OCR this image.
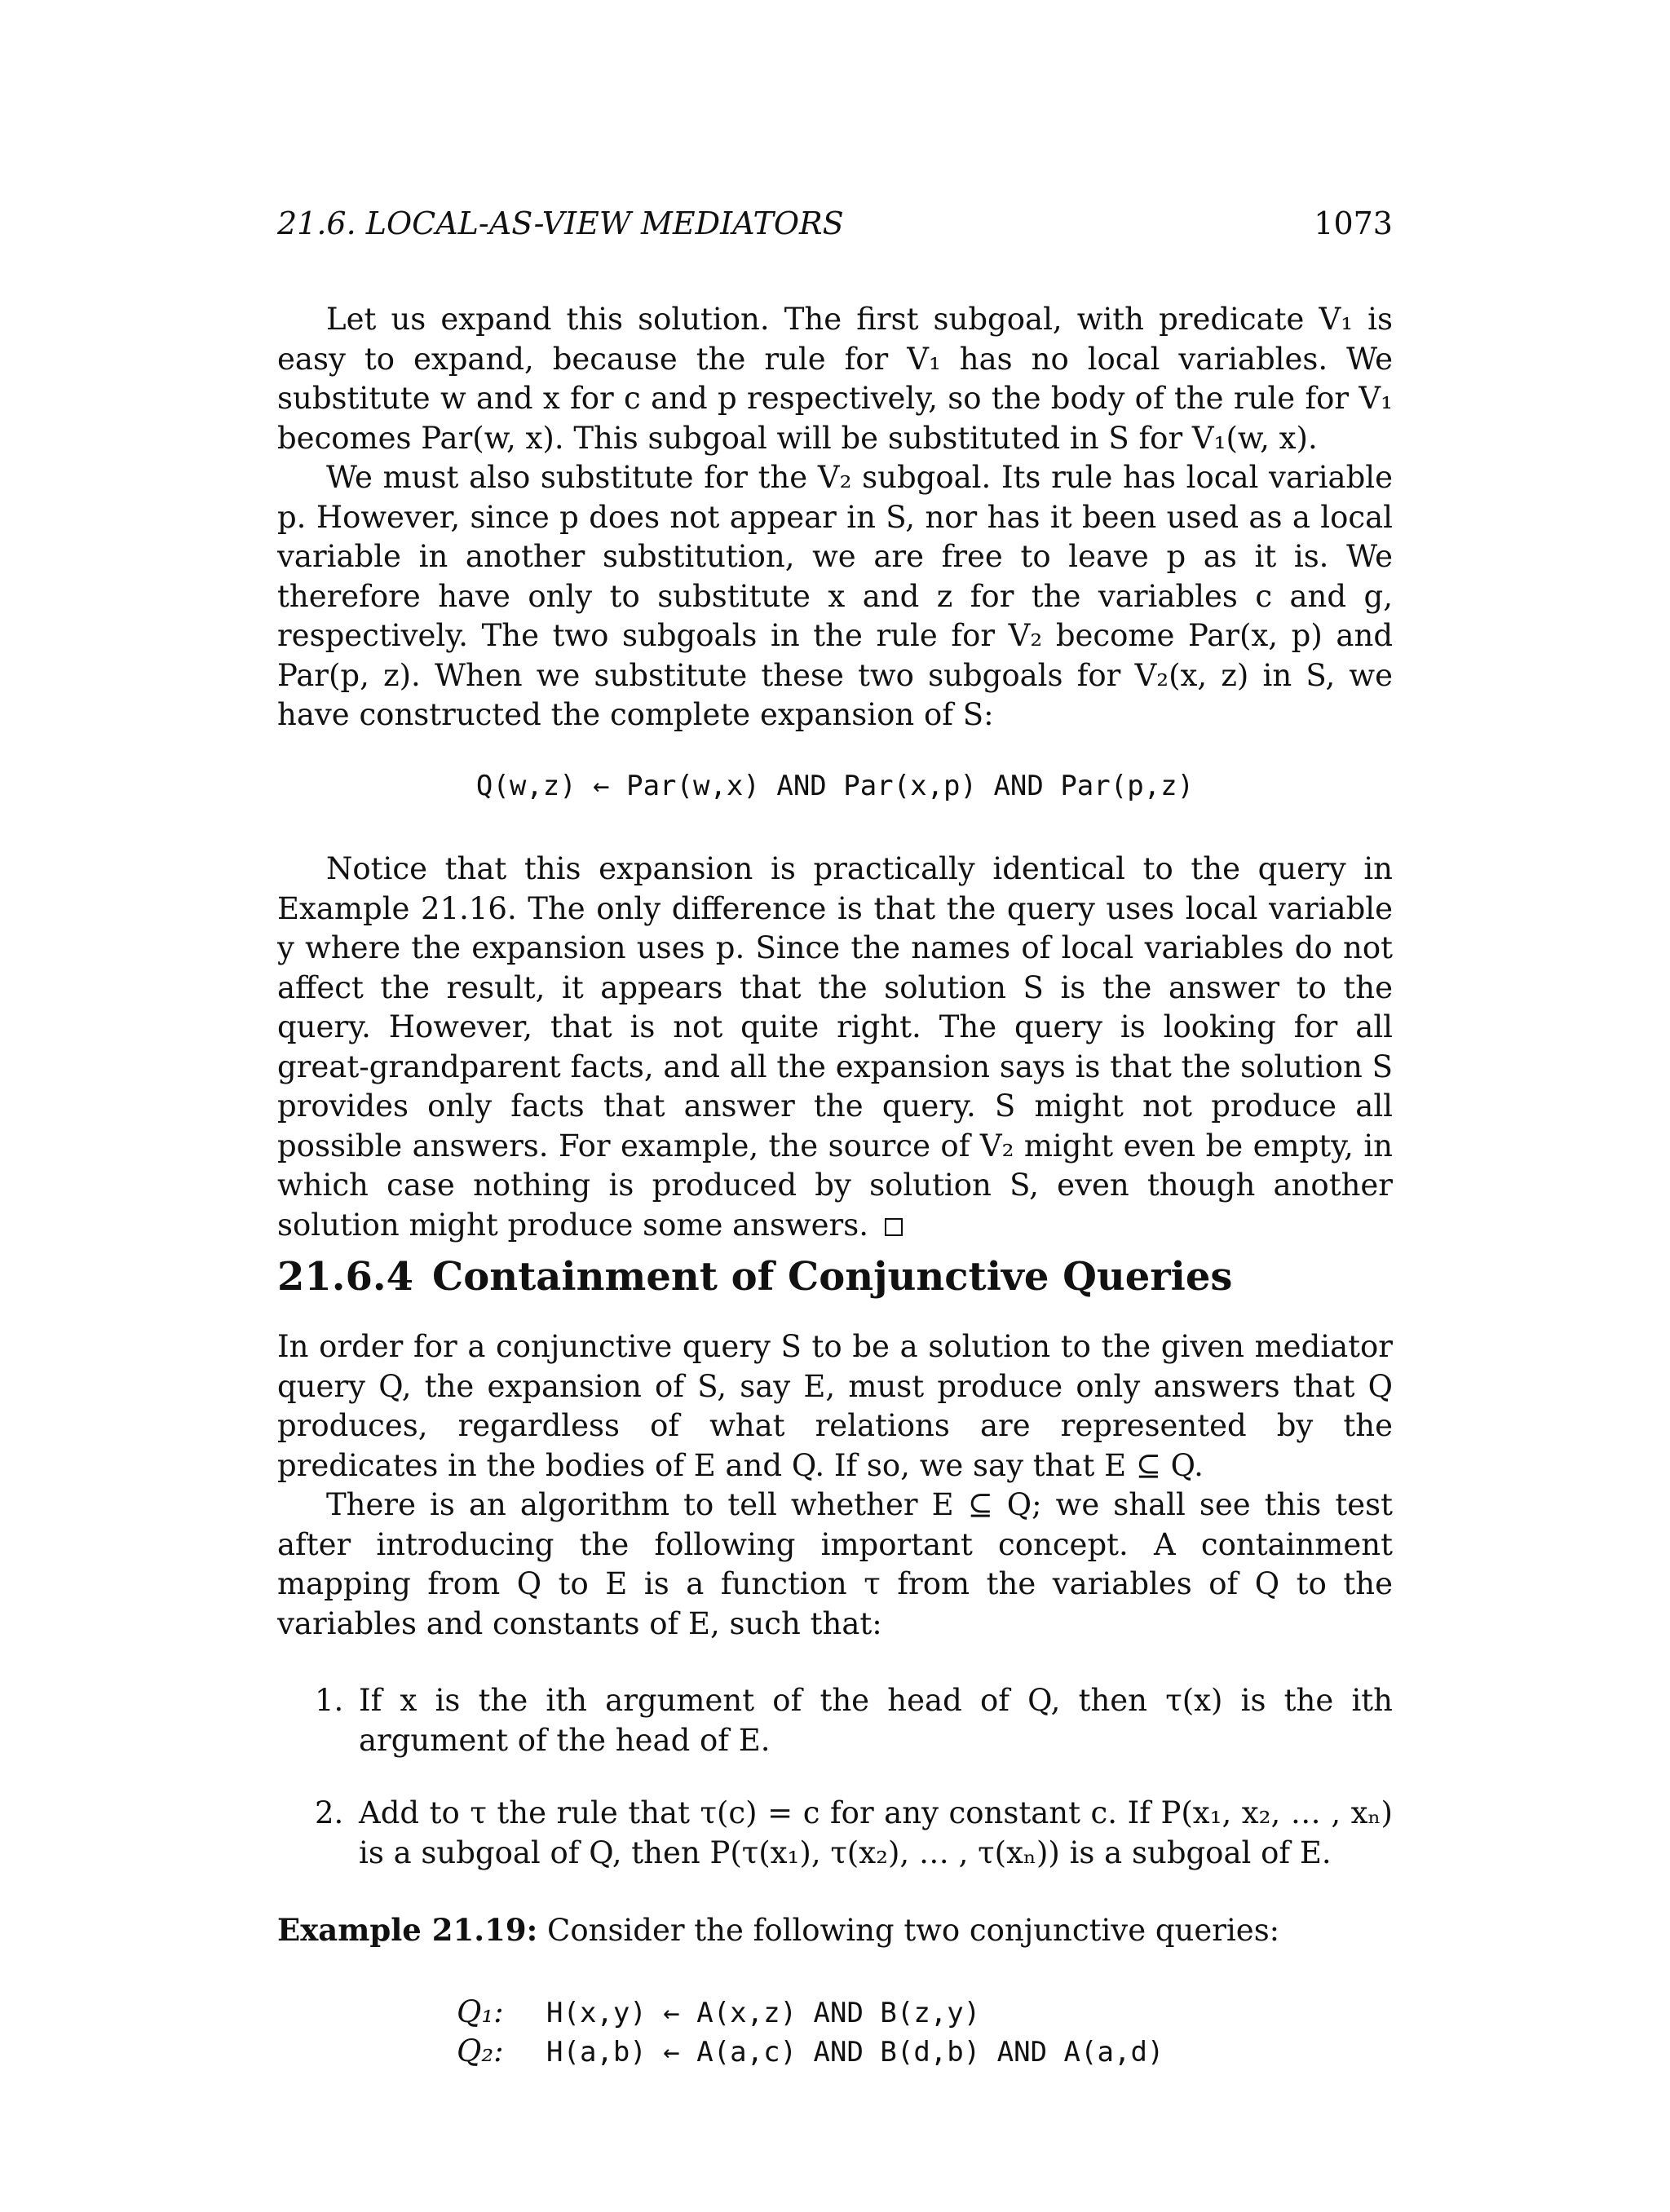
21.6. LOCAL-AS-VIEW MEDIATORS	1073

Let us expand this solution. The first subgoal, with predicate V₁ is easy to expand, because the rule for V₁ has no local variables. We substitute w and x for c and p respectively, so the body of the rule for V₁ becomes Par(w, x). This subgoal will be substituted in S for V₁(w, x).

We must also substitute for the V₂ subgoal. Its rule has local variable p. However, since p does not appear in S, nor has it been used as a local variable in another substitution, we are free to leave p as it is. We therefore have only to substitute x and z for the variables c and g, respectively. The two subgoals in the rule for V₂ become Par(x, p) and Par(p, z). When we substitute these two subgoals for V₂(x, z) in S, we have constructed the complete expansion of S:

Q(w,z) ← Par(w,x) AND Par(x,p) AND Par(p,z)

Notice that this expansion is practically identical to the query in Example 21.16. The only difference is that the query uses local variable y where the expansion uses p. Since the names of local variables do not affect the result, it appears that the solution S is the answer to the query. However, that is not quite right. The query is looking for all great-grandparent facts, and all the expansion says is that the solution S provides only facts that answer the query. S might not produce all possible answers. For example, the source of V₂ might even be empty, in which case nothing is produced by solution S, even though another solution might produce some answers.

21.6.4 Containment of Conjunctive Queries

In order for a conjunctive query S to be a solution to the given mediator query Q, the expansion of S, say E, must produce only answers that Q produces, regardless of what relations are represented by the predicates in the bodies of E and Q. If so, we say that E ⊆ Q.

There is an algorithm to tell whether E ⊆ Q; we shall see this test after introducing the following important concept. A containment mapping from Q to E is a function τ from the variables of Q to the variables and constants of E, such that:

1. If x is the ith argument of the head of Q, then τ(x) is the ith argument of the head of E.
2. Add to τ the rule that τ(c) = c for any constant c. If P(x₁, x₂, … , xₙ) is a subgoal of Q, then P(τ(x₁), τ(x₂), … , τ(xₙ)) is a subgoal of E.
Example 21.19: Consider the following two conjunctive queries:
Q₁: H(x,y) ← A(x,z) AND B(z,y)
Q₂: H(a,b) ← A(a,c) AND B(d,b) AND A(a,d)
